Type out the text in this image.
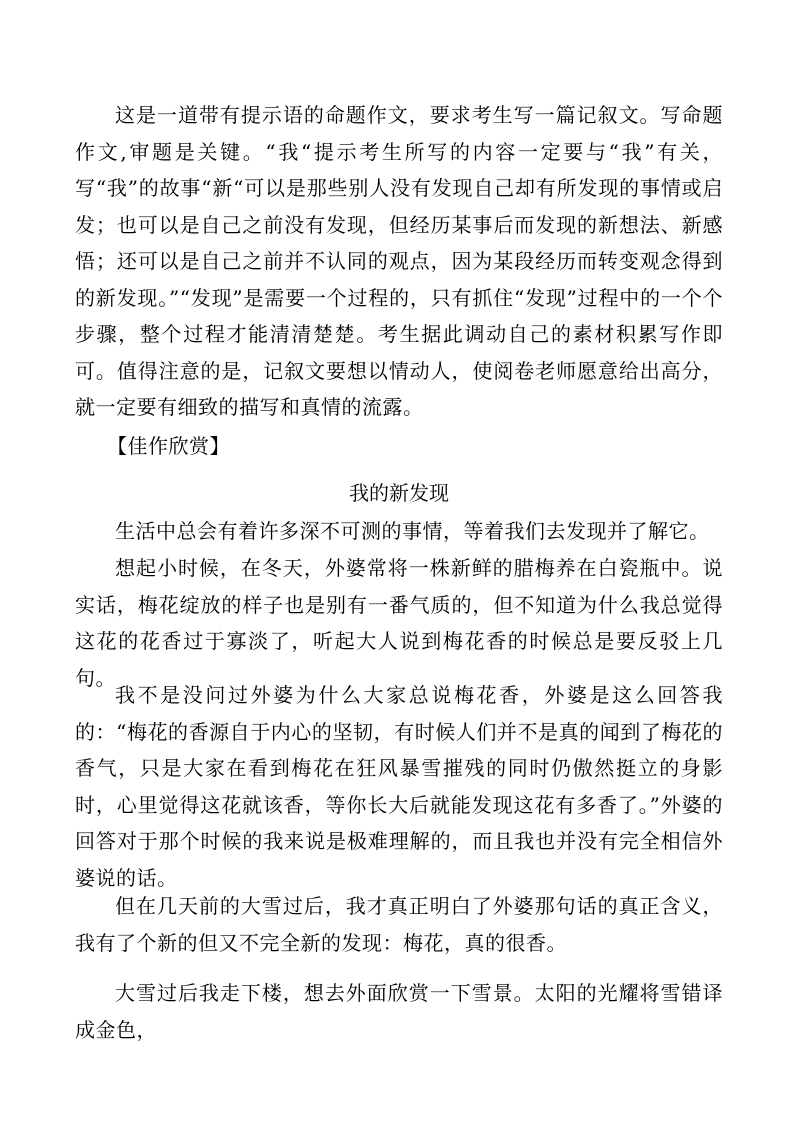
这是一道带有提示语的命题作文，要求考生写一篇记叙文。写命题作文,审题是关键。“我“提示考生所写的内容一定要与“我”有关，写“我”的故事“新“可以是那些别人没有发现自己却有所发现的事情或启发；也可以是自己之前没有发现，但经历某事后而发现的新想法、新感悟；还可以是自己之前并不认同的观点，因为某段经历而转变观念得到的新发现。”“发现”是需要一个过程的，只有抓住“发现”过程中的一个个步骤，整个过程才能清清楚楚。考生据此调动自己的素材积累写作即可。值得注意的是，记叙文要想以情动人，使阅卷老师愿意给出高分，就一定要有细致的描写和真情的流露。

【佳作欣赏】

我的新发现

生活中总会有着许多深不可测的事情，等着我们去发现并了解它。

想起小时候，在冬天，外婆常将一株新鲜的腊梅养在白瓷瓶中。说实话，梅花绽放的样子也是别有一番气质的，但不知道为什么我总觉得这花的花香过于寡淡了，听起大人说到梅花香的时候总是要反驳上几句。

我不是没问过外婆为什么大家总说梅花香，外婆是这么回答我的：“梅花的香源自于内心的坚韧，有时候人们并不是真的闻到了梅花的香气，只是大家在看到梅花在狂风暴雪摧残的同时仍傲然挺立的身影时，心里觉得这花就该香，等你长大后就能发现这花有多香了。”外婆的回答对于那个时候的我来说是极难理解的，而且我也并没有完全相信外婆说的话。

但在几天前的大雪过后，我才真正明白了外婆那句话的真正含义，我有了个新的但又不完全新的发现：梅花，真的很香。

大雪过后我走下楼，想去外面欣赏一下雪景。太阳的光耀将雪错译成金色，
